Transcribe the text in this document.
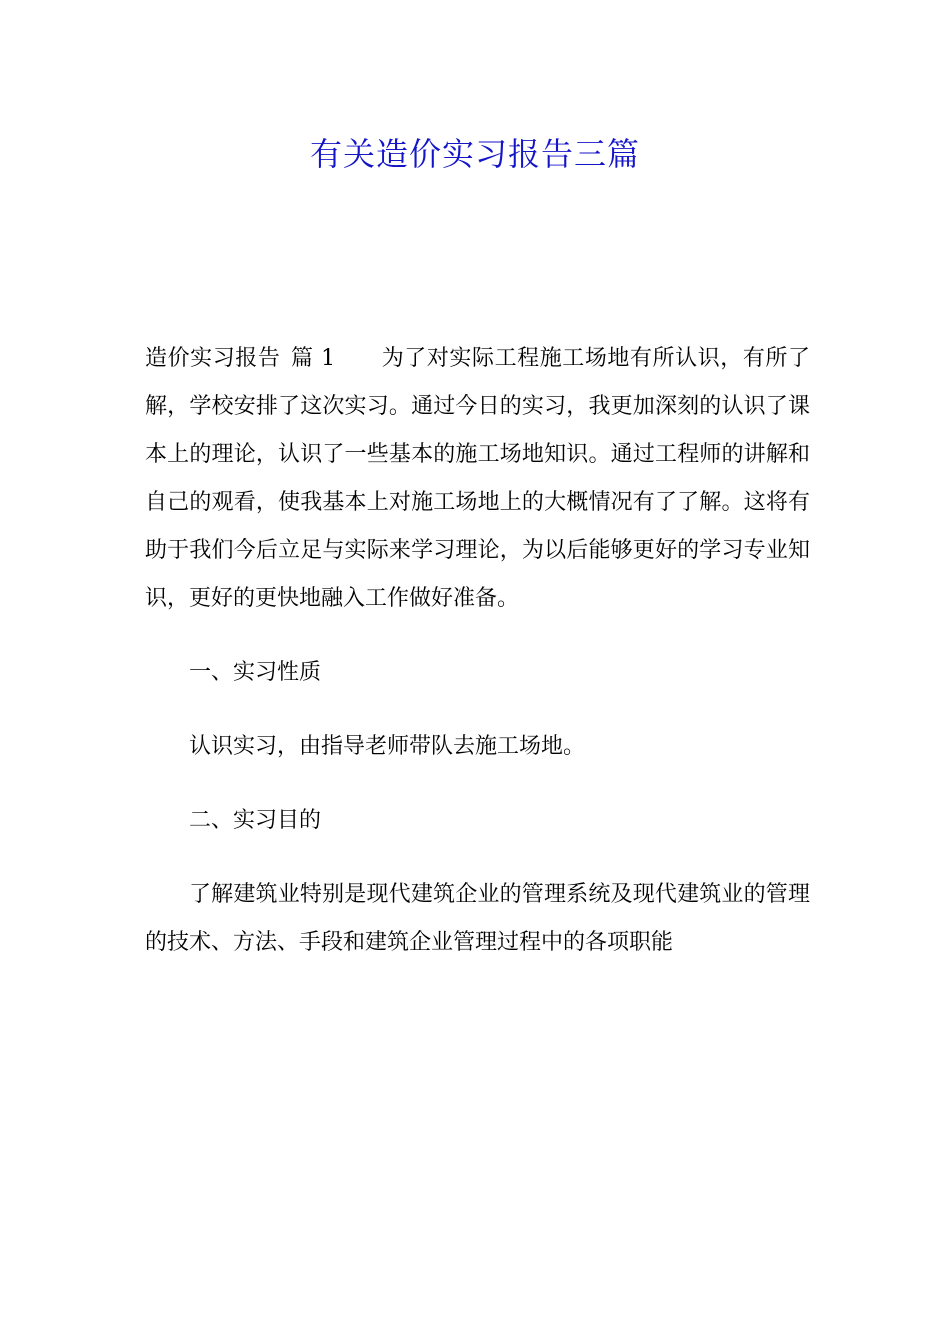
有关造价实习报告三篇

造价实习报告 篇 1 为了对实际工程施工场地有所认识，有所了解，学校安排了这次实习。通过今日的实习，我更加深刻的认识了课本上的理论，认识了一些基本的施工场地知识。通过工程师的讲解和自己的观看，使我基本上对施工场地上的大概情况有了了解。这将有助于我们今后立足与实际来学习理论，为以后能够更好的学习专业知识，更好的更快地融入工作做好准备。

一、实习性质

认识实习，由指导老师带队去施工场地。

二、实习目的

了解建筑业特别是现代建筑企业的管理系统及现代建筑业的管理的技术、方法、手段和建筑企业管理过程中的各项职能
